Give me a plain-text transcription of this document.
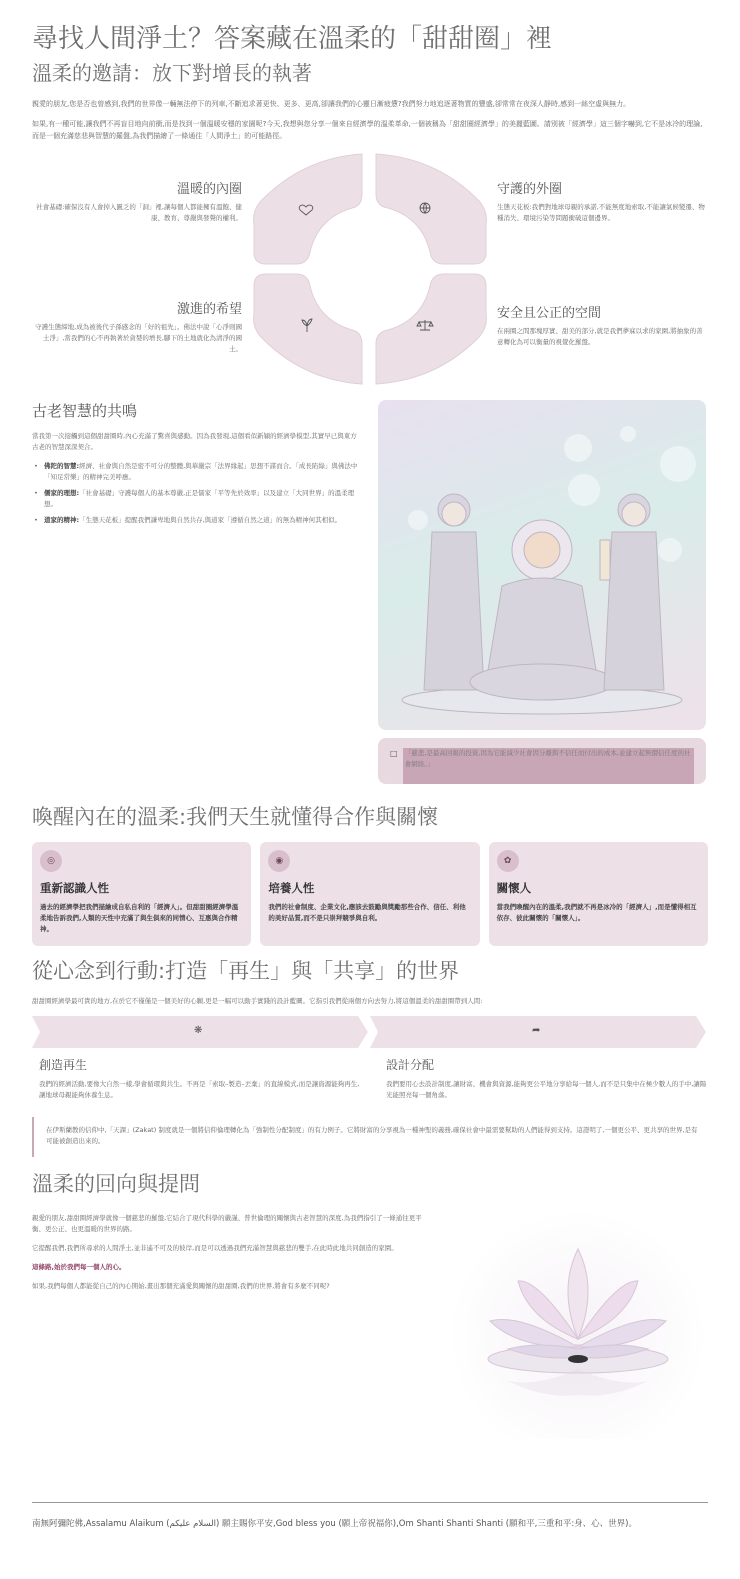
尋找人間淨土？答案藏在溫柔的「甜甜圈」裡
溫柔的邀請：放下對增長的執著

親愛的朋友,您是否也曾感到,我們的世界像一輛無法停下的列車,不斷追求著更快、更多、更高,卻讓我們的心靈日漸疲憊?我們努力地追逐著物質的豐盛,卻常常在夜深人靜時,感到一絲空虛與無力。

如果,有一種可能,讓我們不再盲目地向前衝,而是找到一個溫暖安穩的家園呢?今天,我想與您分享一個來自經濟學的溫柔革命,一個被稱為「甜甜圈經濟學」的美麗藍圖。請別被「經濟學」這三個字嚇到,它不是冰冷的理論,而是一個充滿慈悲與智慧的羅盤,為我們描繪了一條通往「人間淨土」的可能路徑。

溫暖的內圈

社會基礎:確保沒有人會掉入匱乏的「洞」裡,讓每個人都能擁有溫飽、健康、教育、尊嚴與發聲的權利。

守護的外圈

生態天花板:我們對地球母親的承諾,不能無度地索取,不能讓氣候變遷、物種消失、環境污染等問題衝破這個邊界。

激進的希望

守護生態締地,成為被後代子孫感念的「好的祖先」。佛法中說「心淨則國土淨」,當我們的心不再執著於貪婪的增長,腳下的土地就化為清淨的國土。

安全且公正的空間

在兩圈之間那塊厚實、甜美的部分,就是我們夢寐以求的家園,將抽象的善意轉化為可以衡量的視覺化羅盤。

古老智慧的共鳴

當我第一次接觸到這個甜甜圈時,內心充滿了驚喜與感動。因為我發現,這個看似新穎的經濟學模型,其實早已與東方古老的智慧深深契合。

• 佛陀的智慧:經濟、社會與自然是密不可分的整體,與華嚴宗「法界緣起」思想不謀而合。「成長陷綠」與佛法中「知足常樂」的精神完美呼應。
• 儒家的理想:「社會基礎」守護每個人的基本尊嚴,正是儒家「平等先於效率」以及建立「大同世界」的溫柔理想。
• 道家的精神:「生態天花板」提醒我們謙卑地與自然共存,與道家「遵循自然之道」的無為精神何其相似。
□	「慈悲,是最高回報的投資,因為它能減少社會因分離與不信任而付出的成本,並建立起無價信任度的社會網絡。」

喚醒內在的溫柔:我們天生就懂得合作與關懷
◎
重新認識人性

過去的經濟學把我們描繪成自私自利的「經濟人」。但甜甜圈經濟學溫柔地告訴我們,人類的天性中充滿了與生俱來的同情心、互惠與合作精神。

◉
培養人性

我們的社會制度、企業文化,應該去鼓勵與獎勵那些合作、信任、利他的美好品質,而不是只崇拜競爭與自利。

✿
關懷人

當我們喚醒內在的溫柔,我們就不再是冰冷的「經濟人」,而是懂得相互依存、彼此關懷的「關懷人」。

從心念到行動:打造「再生」與「共享」的世界

甜甜圈經濟學最可貴的地方,在於它不僅僅是一個美好的心願,更是一幅可以動手實踐的設計藍圖。它指引我們從兩個方向去努力,將這個溫柔的甜甜圈帶到人間:

❋	➦
創造再生

我們的經濟活動,要像大自然一樣,學會循環與共生。不再是「索取–製造–丟棄」的直線模式,而是讓資源能夠再生,讓地球母親能夠休養生息。

設計分配

我們要用心去設計制度,讓財富、機會與資源,能夠更公平地分享給每一個人,而不是只集中在極少數人的手中,讓陽光能照亮每一個角落。

在伊斯蘭教的信仰中,「天課」(Zakat) 制度就是一個將信仰倫理轉化為「強制性分配制度」的有力例子。它將財富的分享視為一種神聖的義務,確保社會中最需要幫助的人們能得到支持。這證明了,一個更公平、更共享的世界,是有可能被創造出來的。

溫柔的回向與提問

親愛的朋友,甜甜圈經濟學就像一個慈悲的羅盤,它結合了現代科學的嚴謹、普世倫理的關懷與古老智慧的深度,為我們指引了一條通往更平衡、更公正、也更溫暖的世界的路。

它提醒我們,我們所尋求的人間淨土,並非遙不可及的彼岸,而是可以透過我們充滿智慧與慈悲的雙手,在此時此地共同創造的家園。

這條路,始於我們每一個人的心。

如果,我們每個人都能從自己的內心開始,畫出那個充滿愛與關懷的甜甜圈,我們的世界,將會有多麼不同呢?

南無阿彌陀佛,Assalamu Alaikum (السلام عليكم) 願主賜你平安,God bless you (願上帝祝福你),Om Shanti Shanti Shanti (願和平,三重和平:身、心、世界)。
